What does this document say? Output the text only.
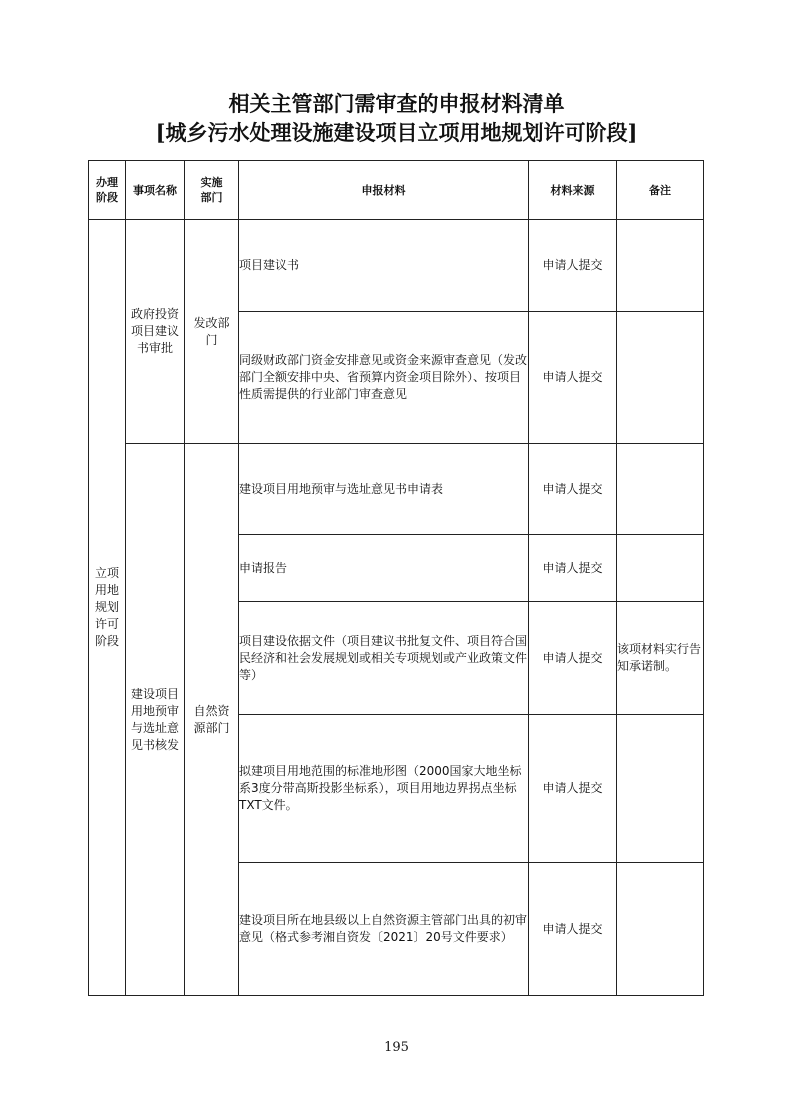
相关主管部门需审查的申报材料清单
[城乡污水处理设施建设项目立项用地规划许可阶段]
办理阶段	事项名称	实施部门	申报材料	材料来源	备注

立项用地规划许可阶段	政府投资项目建议书审批	发改部门	项目建议书	申请人提交	
			同级财政部门资金安排意见或资金来源审查意见（发改部门全额安排中央、省预算内资金项目除外）、按项目性质需提供的行业部门审查意见	申请人提交	

	建设项目用地预审与选址意见书核发	自然资源部门	建设项目用地预审与选址意见书申请表	申请人提交	
			申请报告	申请人提交	
			项目建设依据文件（项目建议书批复文件、项目符合国民经济和社会发展规划或相关专项规划或产业政策文件等）	申请人提交	该项材料实行告知承诺制。
			拟建项目用地范围的标准地形图（2000国家大地坐标系3度分带高斯投影坐标系），项目用地边界拐点坐标TXT文件。	申请人提交	
			建设项目所在地县级以上自然资源主管部门出具的初审意见（格式参考湘自资发〔2021〕20号文件要求）	申请人提交	
195
